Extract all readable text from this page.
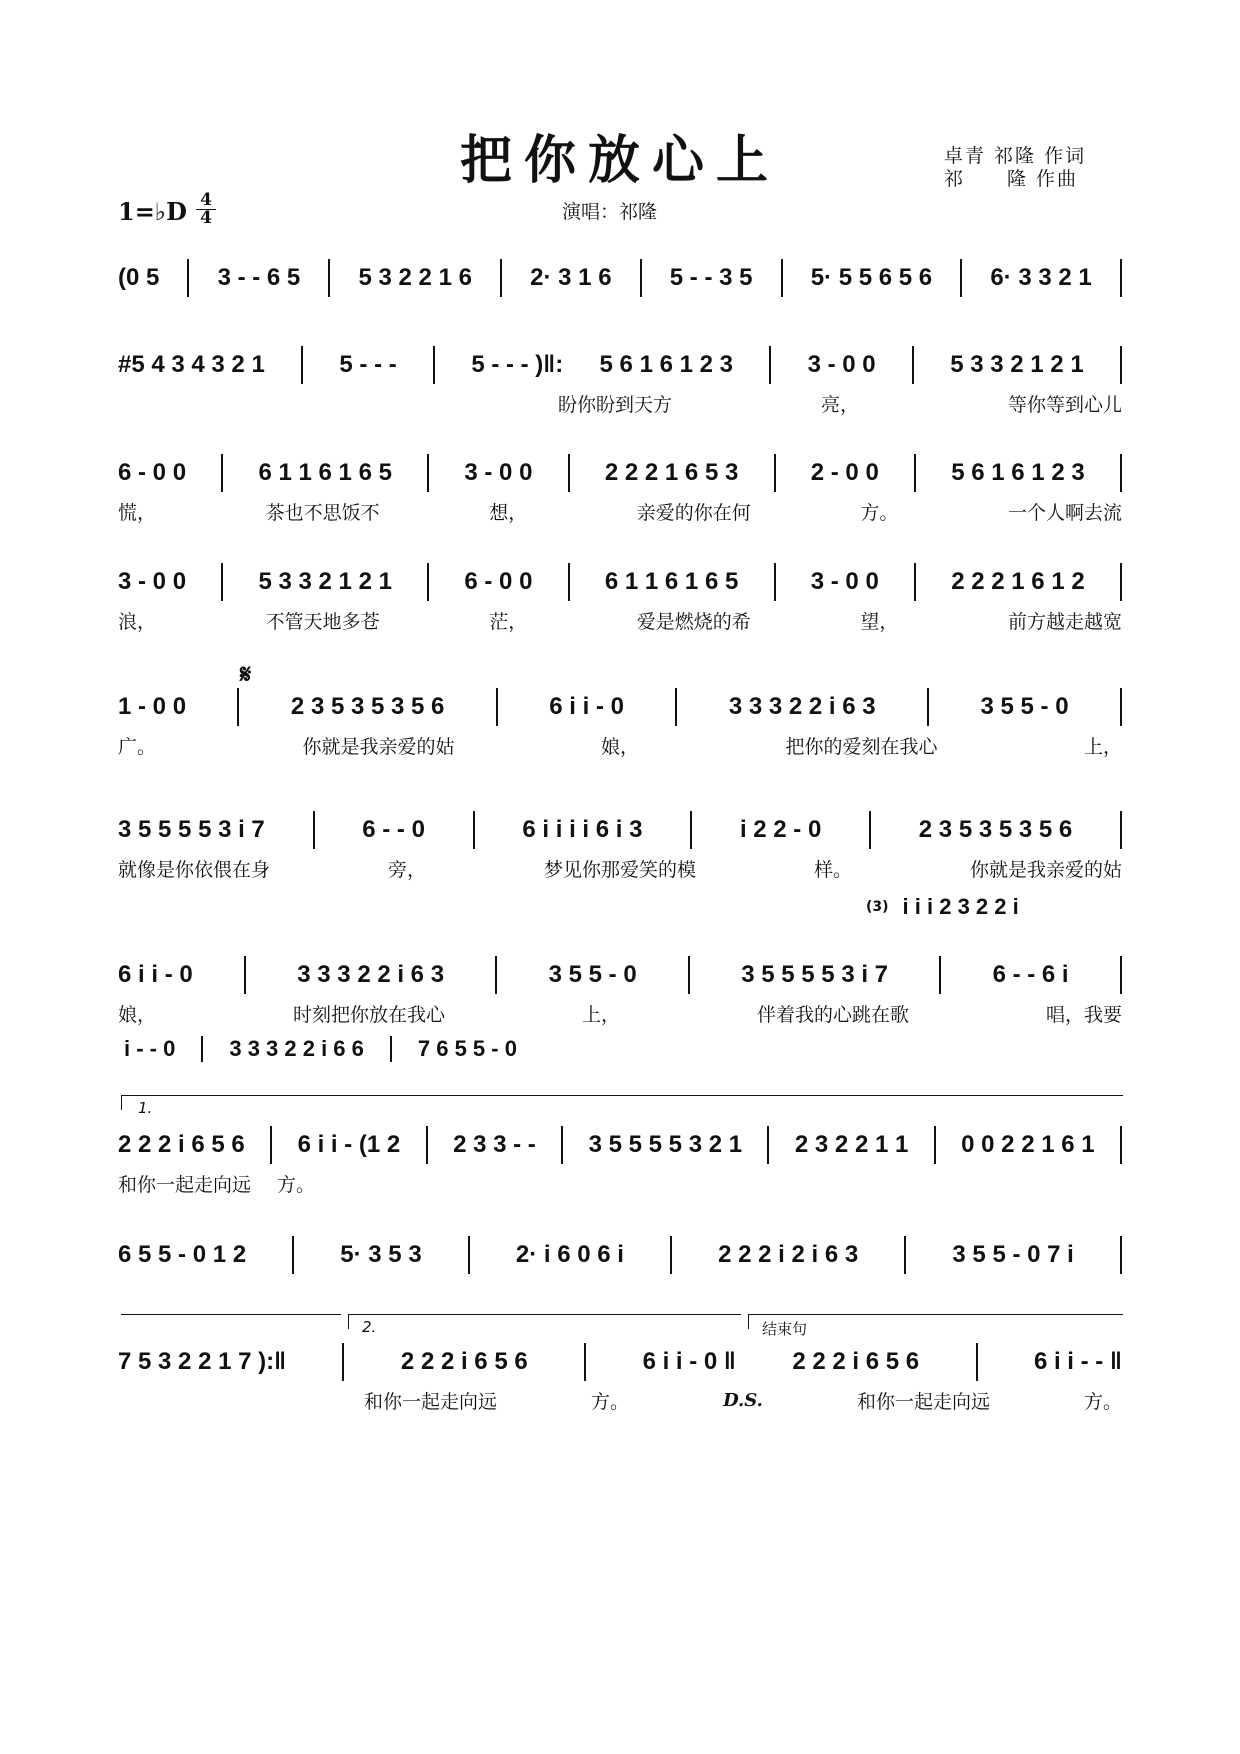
把你放心上	卓青 祁隆 作词
祁　　隆 作曲
1=♭D 4
4	演唱：祁隆
(0 5 3 - - 6 5 5 3 2 2 1 6 2· 3 1 6 5 - - 3 5 5· 5 5 6 5 6 6· 3 3 2 1
#5 4 3 4 3 2 1	5 - - -	5 - - - )‖: 5 6 1 6 1 2 3	3 - 0 0	5 3 3 2 1 2 1
盼你盼到天方	亮，	等你等到心儿
6 - 0 0	6 1 1 6 1 6 5	3 - 0 0	2 2 2 1 6 5 3	2 - 0 0	5 6 1 6 1 2 3
慌，	茶也不思饭不	想，	亲爱的你在何	方。	一个人啊去流
3 - 0 0	5 3 3 2 1 2 1	6 - 0 0	6 1 1 6 1 6 5	3 - 0 0	2 2 2 1 6 1 2
浪，	不管天地多苍	茫，	爱是燃烧的希	望，	前方越走越宽
𝄋
1 - 0 0	2 3 5 3 5 3 5 6	6 i i - 0	3 3 3 2 2 i 6 3	3 5 5 - 0
广。	你就是我亲爱的姑	娘，	把你的爱刻在我心	上，
3 5 5 5 5 3 i 7	6 - - 0	6 i i i i 6 i 3	i 2 2 - 0	2 3 5 3 5 3 5 6
就像是你依偎在身	旁，	梦见你那爱笑的模	样。	你就是我亲爱的姑
(3) i i i 2 3 2 2 i
6 i i - 0	3 3 3 2 2 i 6 3	3 5 5 - 0	3 5 5 5 5 3 i 7	6 - - 6 i
娘，	时刻把你放在我心	上，	伴着我的心跳在歌	唱，我要
i - - 0 3 3 3 2 2 i 6 6 7 6 5 5 - 0
1.
2 2 2 i 6 5 6 6 i i - (1 2 2 3 3 - - 3 5 5 5 5 3 2 1 2 3 2 2 1 1 0 0 2 2 1 6 1
和你一起走向远 方。
6 5 5 - 0 1 2	5· 3 5 3	2· i 6 0 6 i	2 2 2 i 2 i 6 3	3 5 5 - 0 7 i
2.	结束句
7 5 3 2 2 1 7 ):‖	2 2 2 i 6 5 6	6 i i - 0 ‖ 2 2 2 i 6 5 6	6 i i - - ‖
和你一起走向远	方。	D.S.	和你一起走向远	方。
